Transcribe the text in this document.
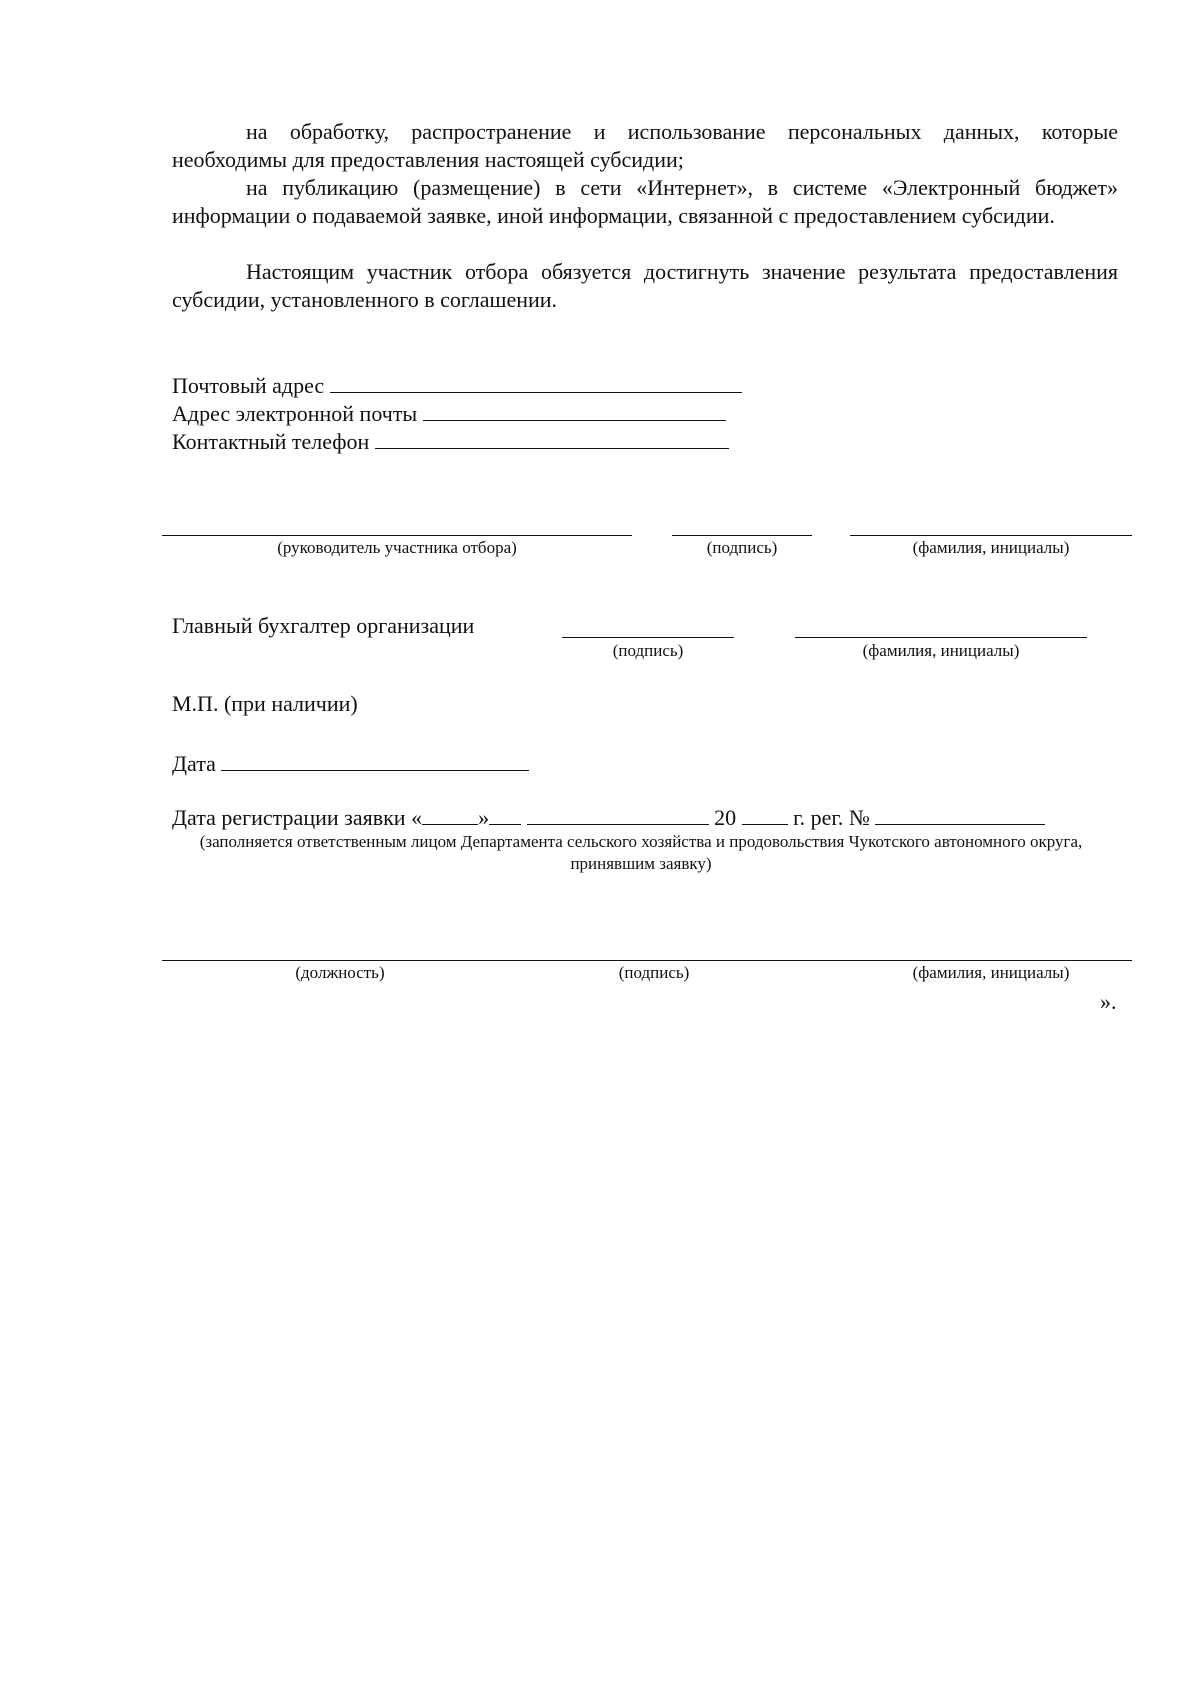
на обработку, распространение и использование персональных данных, которые необходимы для предоставления настоящей субсидии;

на публикацию (размещение) в сети «Интернет», в системе «Электронный бюджет» информации о подаваемой заявке, иной информации, связанной с предоставлением субсидии.

Настоящим участник отбора обязуется достигнуть значение результата предоставления субсидии, установленного в соглашении.

Почтовый адрес
Адрес электронной почты
Контактный телефон
(руководитель участника отбора)	(подпись)	(фамилия, инициалы)
Главный бухгалтер организации
(подпись)	(фамилия, инициалы)
М.П. (при наличии)
Дата
Дата регистрации заявки «	»	20	г. рег. №
(заполняется ответственным лицом Департамента сельского хозяйства и продовольствия Чукотского автономного округа, принявшим заявку)
(должность)	(подпись)	(фамилия, инициалы)
».
